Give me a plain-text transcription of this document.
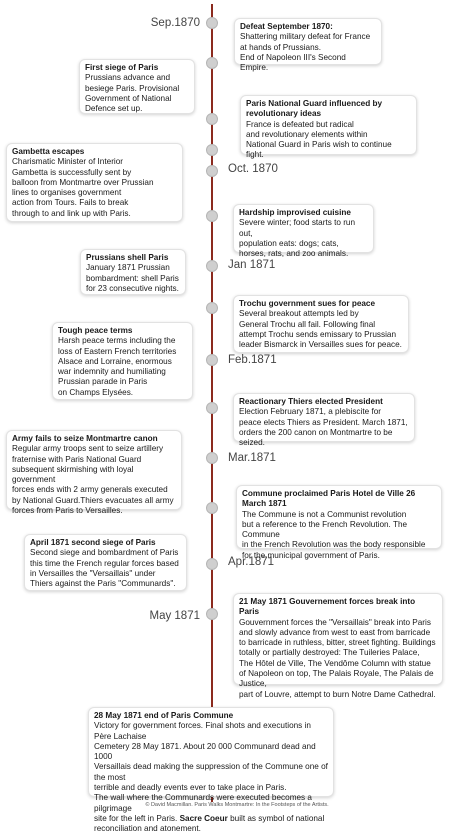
Sep.1870
Oct. 1870
Jan 1871
Feb.1871
Mar.1871
Apr.1871
May 1871
Defeat September 1870:
Shattering military defeat for France
at hands of Prussians.
End of Napoleon III's Second Empire.
First siege of Paris
Prussians advance and
besiege Paris. Provisional
Government of National
Defence set up.
Paris National Guard influenced by revolutionary ideas
France is defeated but radical
and revolutionary elements within
National Guard in Paris wish to continue fight.
Gambetta escapes
Charismatic Minister of Interior
Gambetta is successfully sent by
balloon from Montmartre over Prussian
lines to organises government
action from Tours. Fails to break
through to and link up with Paris.	Hardship improvised cuisine
Severe winter; food starts to run out,
population eats: dogs; cats,
horses, rats, and zoo animals.
Prussians shell Paris
January 1871 Prussian
bombardment: shell Paris
for 23 consecutive nights.
Trochu government sues for peace
Several breakout attempts led by
General Trochu all fail. Following final
attempt Trochu sends emissary to Prussian
leader Bismarck in Versailles sues for peace.
Tough peace terms
Harsh peace terms including the
loss of Eastern French territories
Alsace and Lorraine, enormous
war indemnity and humiliating
Prussian parade in Paris
on Champs Elysées.
Reactionary Thiers elected President
Election February 1871, a plebiscite for
peace elects Thiers as President. March 1871,
orders the 200 canon on Montmartre to be seized.
Army fails to seize Montmartre canon
Regular army troops sent to seize artillery
fraternise with Paris National Guard
subsequent skirmishing with loyal government
forces ends with 2 army generals executed
by National Guard.Thiers evacuates all army
forces from Paris to Versailles.
Commune proclaimed Paris Hotel de Ville 26 March 1871
The Commune is not a Communist revolution
but a reference to the French Revolution. The Commune
in the French Revolution was the body responsible
for the municipal government of Paris.
April 1871 second siege of Paris
Second siege and bombardment of Paris
this time the French regular forces based
in Versailles the "Versaillais" under
Thiers against the Paris "Communards".
21 May 1871 Gouvernement forces break into Paris
Gouvernment forces the "Versaillais" break into Paris
and slowly advance from west to east from barricade
to barricade in ruthless, bitter, street fighting. Buildings
totally or partially destroyed: The Tuileries Palace,
The Hôtel de Ville, The Vendôme Column with statue
of Napoleon on top, The Palais Royale, The Palais de Justice,
part of Louvre, attempt to burn Notre Dame Cathedral.
28 May 1871 end of Paris Commune
Victory for government forces. Final shots and executions in Père Lachaise
Cemetery 28 May 1871. About 20 000 Communard dead and 1000
Versaillais dead making the suppression of the Commune one of the most
terrible and deadly events ever to take place in Paris.
The wall where the Communards were executed becomes a pilgrimage
site for the left in Paris. Sacre Coeur built as symbol of national
reconciliation and atonement.
© David Macmillan. Paris Walks Montmartre: In the Footsteps of the Artists.
